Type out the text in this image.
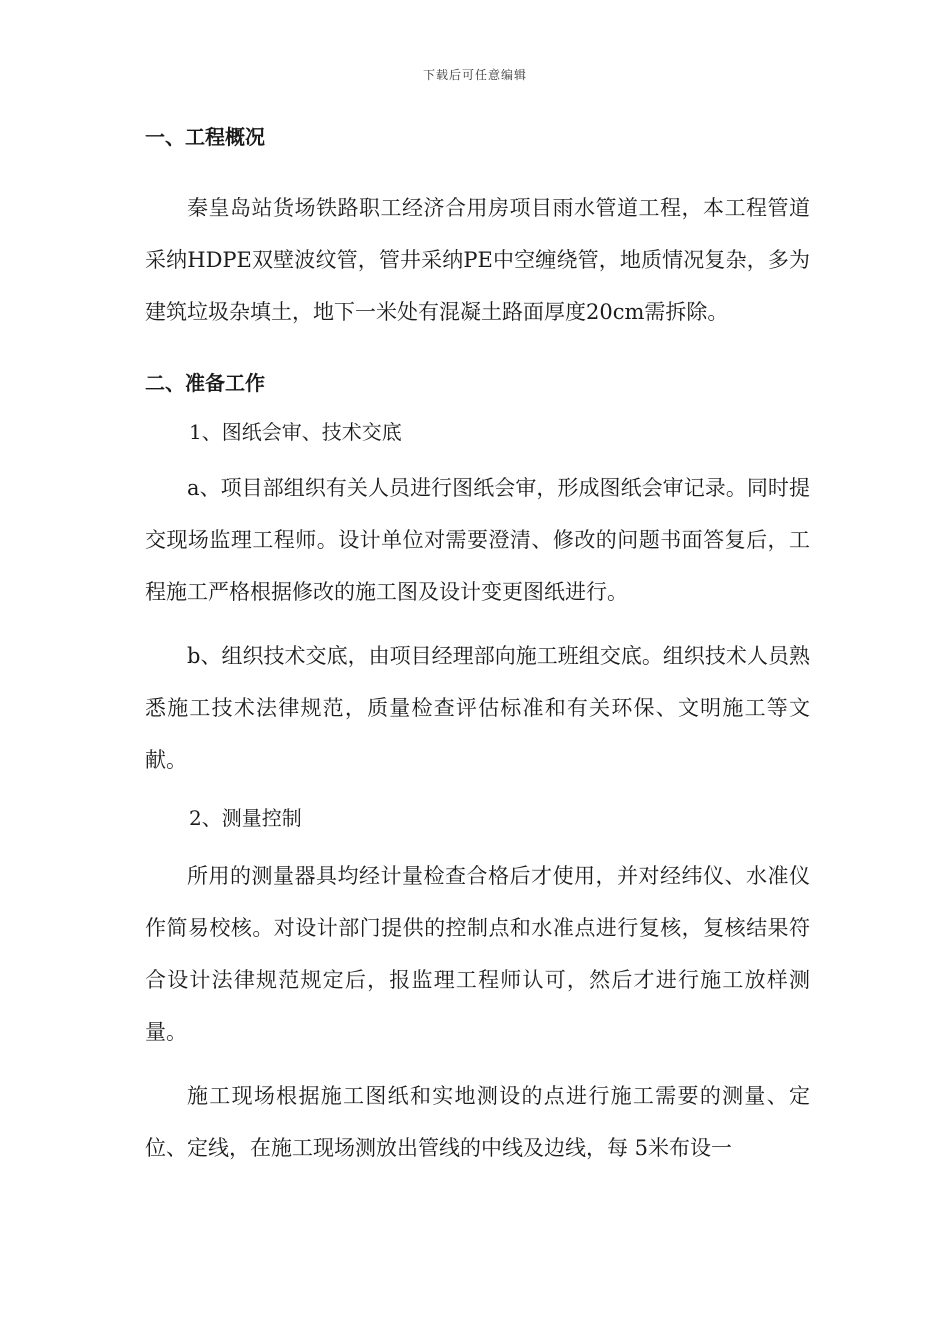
下载后可任意编辑
一、工程概况

秦皇岛站货场铁路职工经济合用房项目雨水管道工程，本工程管道采纳HDPE双壁波纹管，管井采纳PE中空缠绕管，地质情况复杂，多为建筑垃圾杂填土，地下一米处有混凝土路面厚度20cm需拆除。

二、准备工作

1、图纸会审、技术交底

a、项目部组织有关人员进行图纸会审，形成图纸会审记录。同时提交现场监理工程师。设计单位对需要澄清、修改的问题书面答复后，工程施工严格根据修改的施工图及设计变更图纸进行。

b、组织技术交底，由项目经理部向施工班组交底。组织技术人员熟悉施工技术法律规范，质量检查评估标准和有关环保、文明施工等文献。

2、测量控制

所用的测量器具均经计量检查合格后才使用，并对经纬仪、水准仪作简易校核。对设计部门提供的控制点和水准点进行复核，复核结果符合设计法律规范规定后，报监理工程师认可，然后才进行施工放样测量。

施工现场根据施工图纸和实地测设的点进行施工需要的测量、定位、定线，在施工现场测放出管线的中线及边线，每 5米布设一
